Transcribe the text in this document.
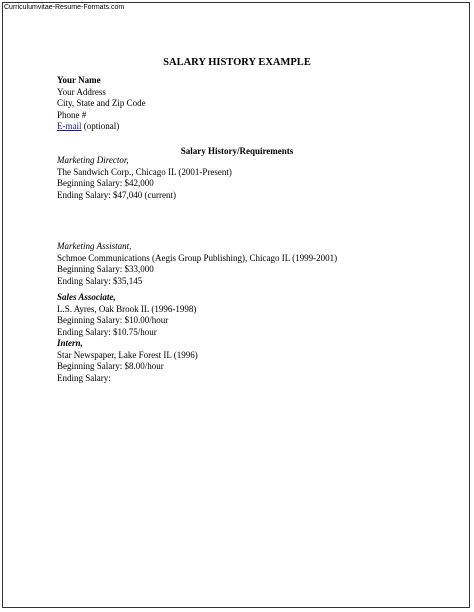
Curriculumvitae-Resume-Formats.com
SALARY HISTORY EXAMPLE
Your Name
Your Address
City, State and Zip Code
Phone #
E-mail (optional)
Salary History/Requirements
Marketing Director,
The Sandwich Corp., Chicago IL (2001-Present)
Beginning Salary: $42,000
Ending Salary: $47,040 (current)
Marketing Assistant,
Schmoe Communications (Aegis Group Publishing), Chicago IL (1999-2001)
Beginning Salary: $33,000
Ending Salary: $35,145
Sales Associate,
L.S. Ayres, Oak Brook IL (1996-1998)
Beginning Salary: $10.00/hour
Ending Salary: $10.75/hour
Intern,
Star Newspaper, Lake Forest IL (1996)
Beginning Salary: $8.00/hour
Ending Salary:
